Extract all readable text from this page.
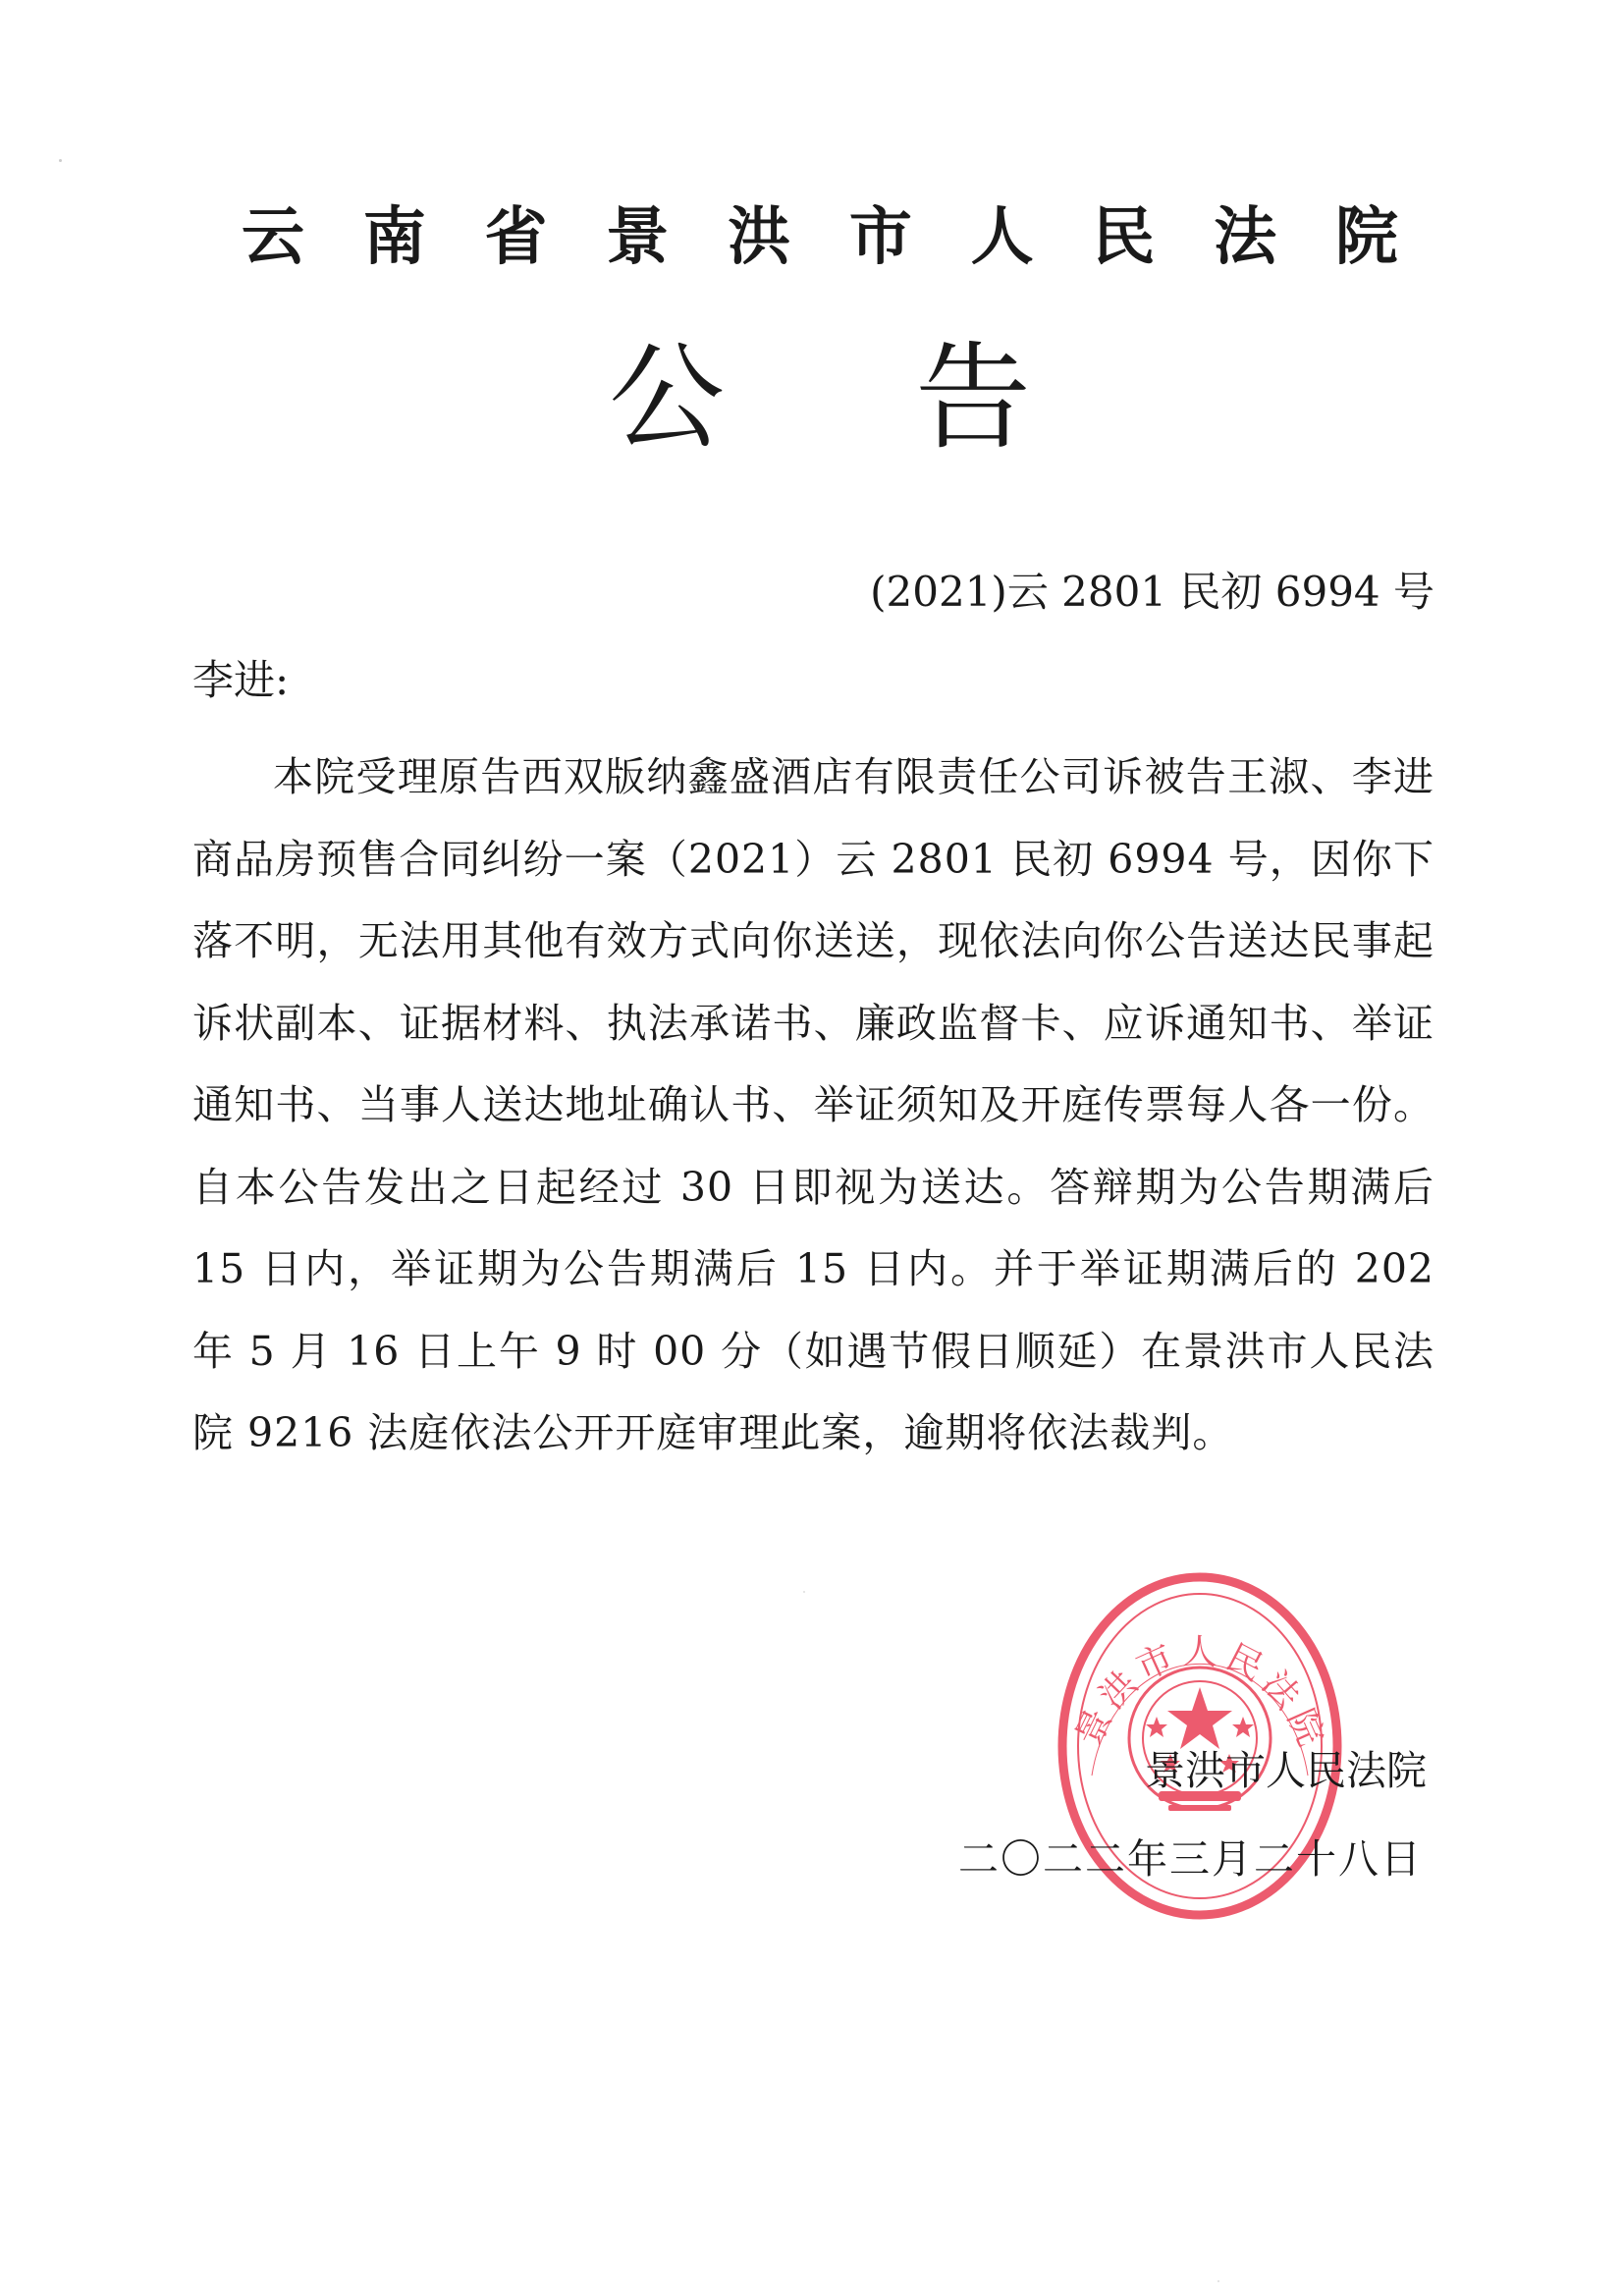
云 南 省 景 洪 市 人 民 法 院
公 告
(2021)云 2801 民初 6994 号
李进:
本院受理原告西双版纳鑫盛酒店有限责任公司诉被告王淑、李进商品房预售合同纠纷一案（2021）云 2801 民初 6994 号，因你下落不明，无法用其他有效方式向你送送，现依法向你公告送达民事起诉状副本、证据材料、执法承诺书、廉政监督卡、应诉通知书、举证通知书、当事人送达地址确认书、举证须知及开庭传票每人各一份。自本公告发出之日起经过 30 日即视为送达。答辩期为公告期满后 15 日内，举证期为公告期满后 15 日内。并于举证期满后的 202 年 5 月 16 日上午 9 时 00 分（如遇节假日顺延）在景洪市人民法院 9216 法庭依法公开开庭审理此案，逾期将依法裁判。
景洪市人民法院
景洪市人民法院
二〇二二年三月二十八日
